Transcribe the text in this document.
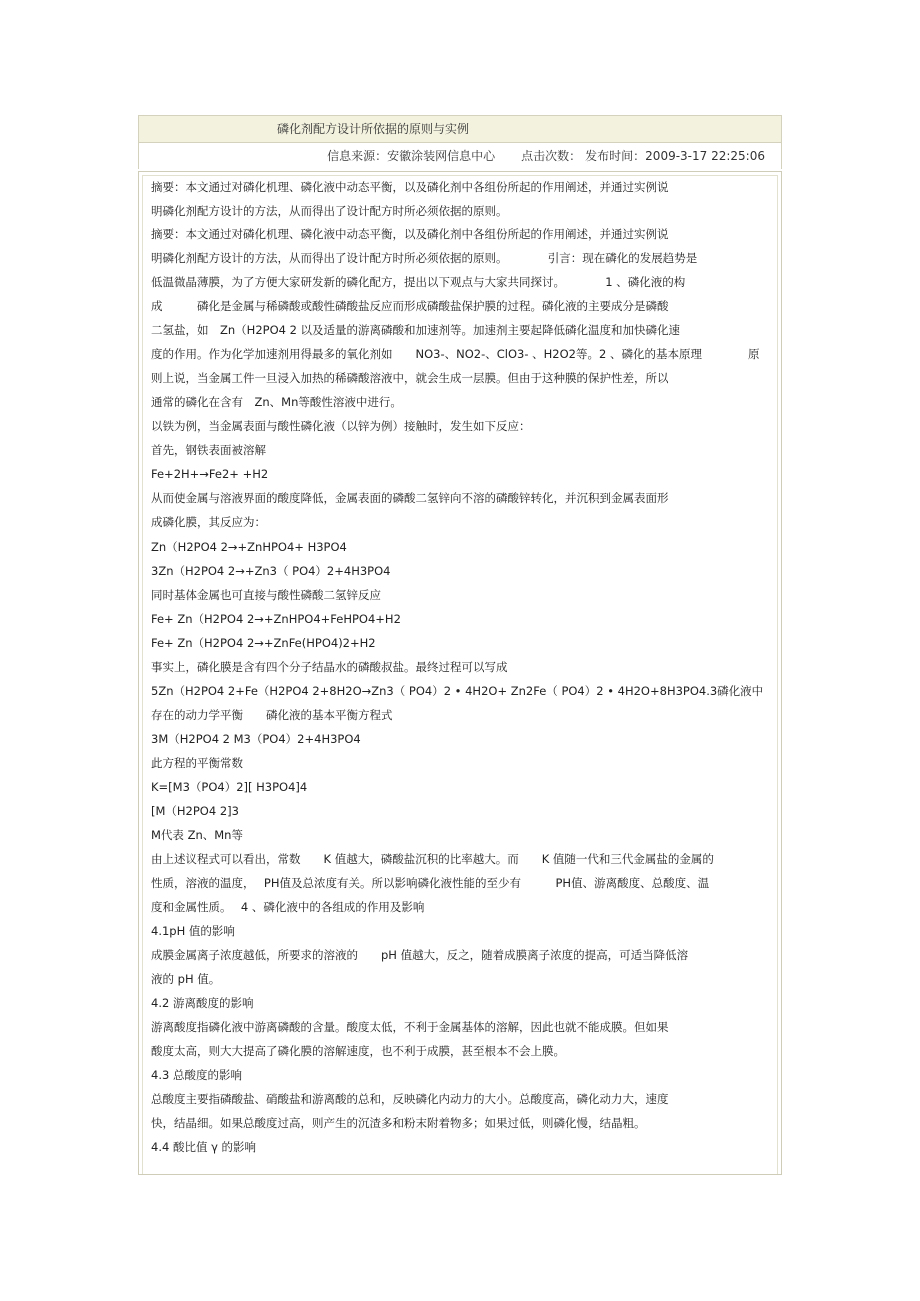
磷化剂配方设计所依据的原则与实例
信息来源：安徽涂装网信息中心 点击次数： 发布时间：2009-3-17 22:25:06
摘要：本文通过对磷化机理、磷化液中动态平衡，以及磷化剂中各组份所起的作用阐述，并通过实例说
明磷化剂配方设计的方法，从而得出了设计配方时所必须依据的原则。
摘要：本文通过对磷化机理、磷化液中动态平衡，以及磷化剂中各组份所起的作用阐述，并通过实例说
明磷化剂配方设计的方法，从而得出了设计配方时所必须依据的原则。　　　　引言：现在磷化的发展趋势是
低温微晶薄膜，为了方便大家研发新的磷化配方，提出以下观点与大家共同探讨。　　　　1 、磷化液的构
成　　　磷化是金属与稀磷酸或酸性磷酸盐反应而形成磷酸盐保护膜的过程。磷化液的主要成分是磷酸
二氢盐，如　Zn（H2PO4 2 以及适量的游离磷酸和加速剂等。加速剂主要起降低磷化温度和加快磷化速
度的作用。作为化学加速剂用得最多的氧化剂如　　NO3-、NO2-、ClO3- 、H2O2等。2 、磷化的基本原理　　　　原
则上说，当金属工件一旦浸入加热的稀磷酸溶液中，就会生成一层膜。但由于这种膜的保护性差，所以
通常的磷化在含有　Zn、Mn等酸性溶液中进行。
以铁为例，当金属表面与酸性磷化液（以锌为例）接触时，发生如下反应：
首先，钢铁表面被溶解
Fe+2H+→Fe2+ +H2
从而使金属与溶液界面的酸度降低，金属表面的磷酸二氢锌向不溶的磷酸锌转化，并沉积到金属表面形
成磷化膜，其反应为：
Zn（H2PO4 2→+ZnHPO4+ H3PO4
3Zn（H2PO4 2→+Zn3（ PO4）2+4H3PO4
同时基体金属也可直接与酸性磷酸二氢锌反应
Fe+ Zn（H2PO4 2→+ZnHPO4+FeHPO4+H2
Fe+ Zn（H2PO4 2→+ZnFe(HPO4)2+H2
事实上，磷化膜是含有四个分子结晶水的磷酸叔盐。最终过程可以写成
5Zn（H2PO4 2+Fe（H2PO4 2+8H2O→Zn3（ PO4）2 • 4H2O+ Zn2Fe（ PO4）2 • 4H2O+8H3PO4.3磷化液中
存在的动力学平衡　　磷化液的基本平衡方程式
3M（H2PO4 2 M3（PO4）2+4H3PO4
此方程的平衡常数
K=[M3（PO4）2][ H3PO4]4
[M（H2PO4 2]3
M代表 Zn、Mn等
由上述议程式可以看出，常数　　K 值越大，磷酸盐沉积的比率越大。而　　K 值随一代和三代金属盐的金属的
性质，溶液的温度，　 PH值及总浓度有关。所以影响磷化液性能的至少有　　　PH值、游离酸度、总酸度、温
度和金属性质。　 4 、磷化液中的各组成的作用及影响
4.1pH 值的影响
成膜金属离子浓度越低，所要求的溶液的　　pH 值越大，反之，随着成膜离子浓度的提高，可适当降低溶
液的 pH 值。
4.2 游离酸度的影响
游离酸度指磷化液中游离磷酸的含量。酸度太低，不利于金属基体的溶解，因此也就不能成膜。但如果
酸度太高，则大大提高了磷化膜的溶解速度，也不利于成膜，甚至根本不会上膜。
4.3 总酸度的影响
总酸度主要指磷酸盐、硝酸盐和游离酸的总和，反映磷化内动力的大小。总酸度高，磷化动力大，速度
快，结晶细。如果总酸度过高，则产生的沉渣多和粉末附着物多；如果过低，则磷化慢，结晶粗。
4.4 酸比值 γ 的影响
